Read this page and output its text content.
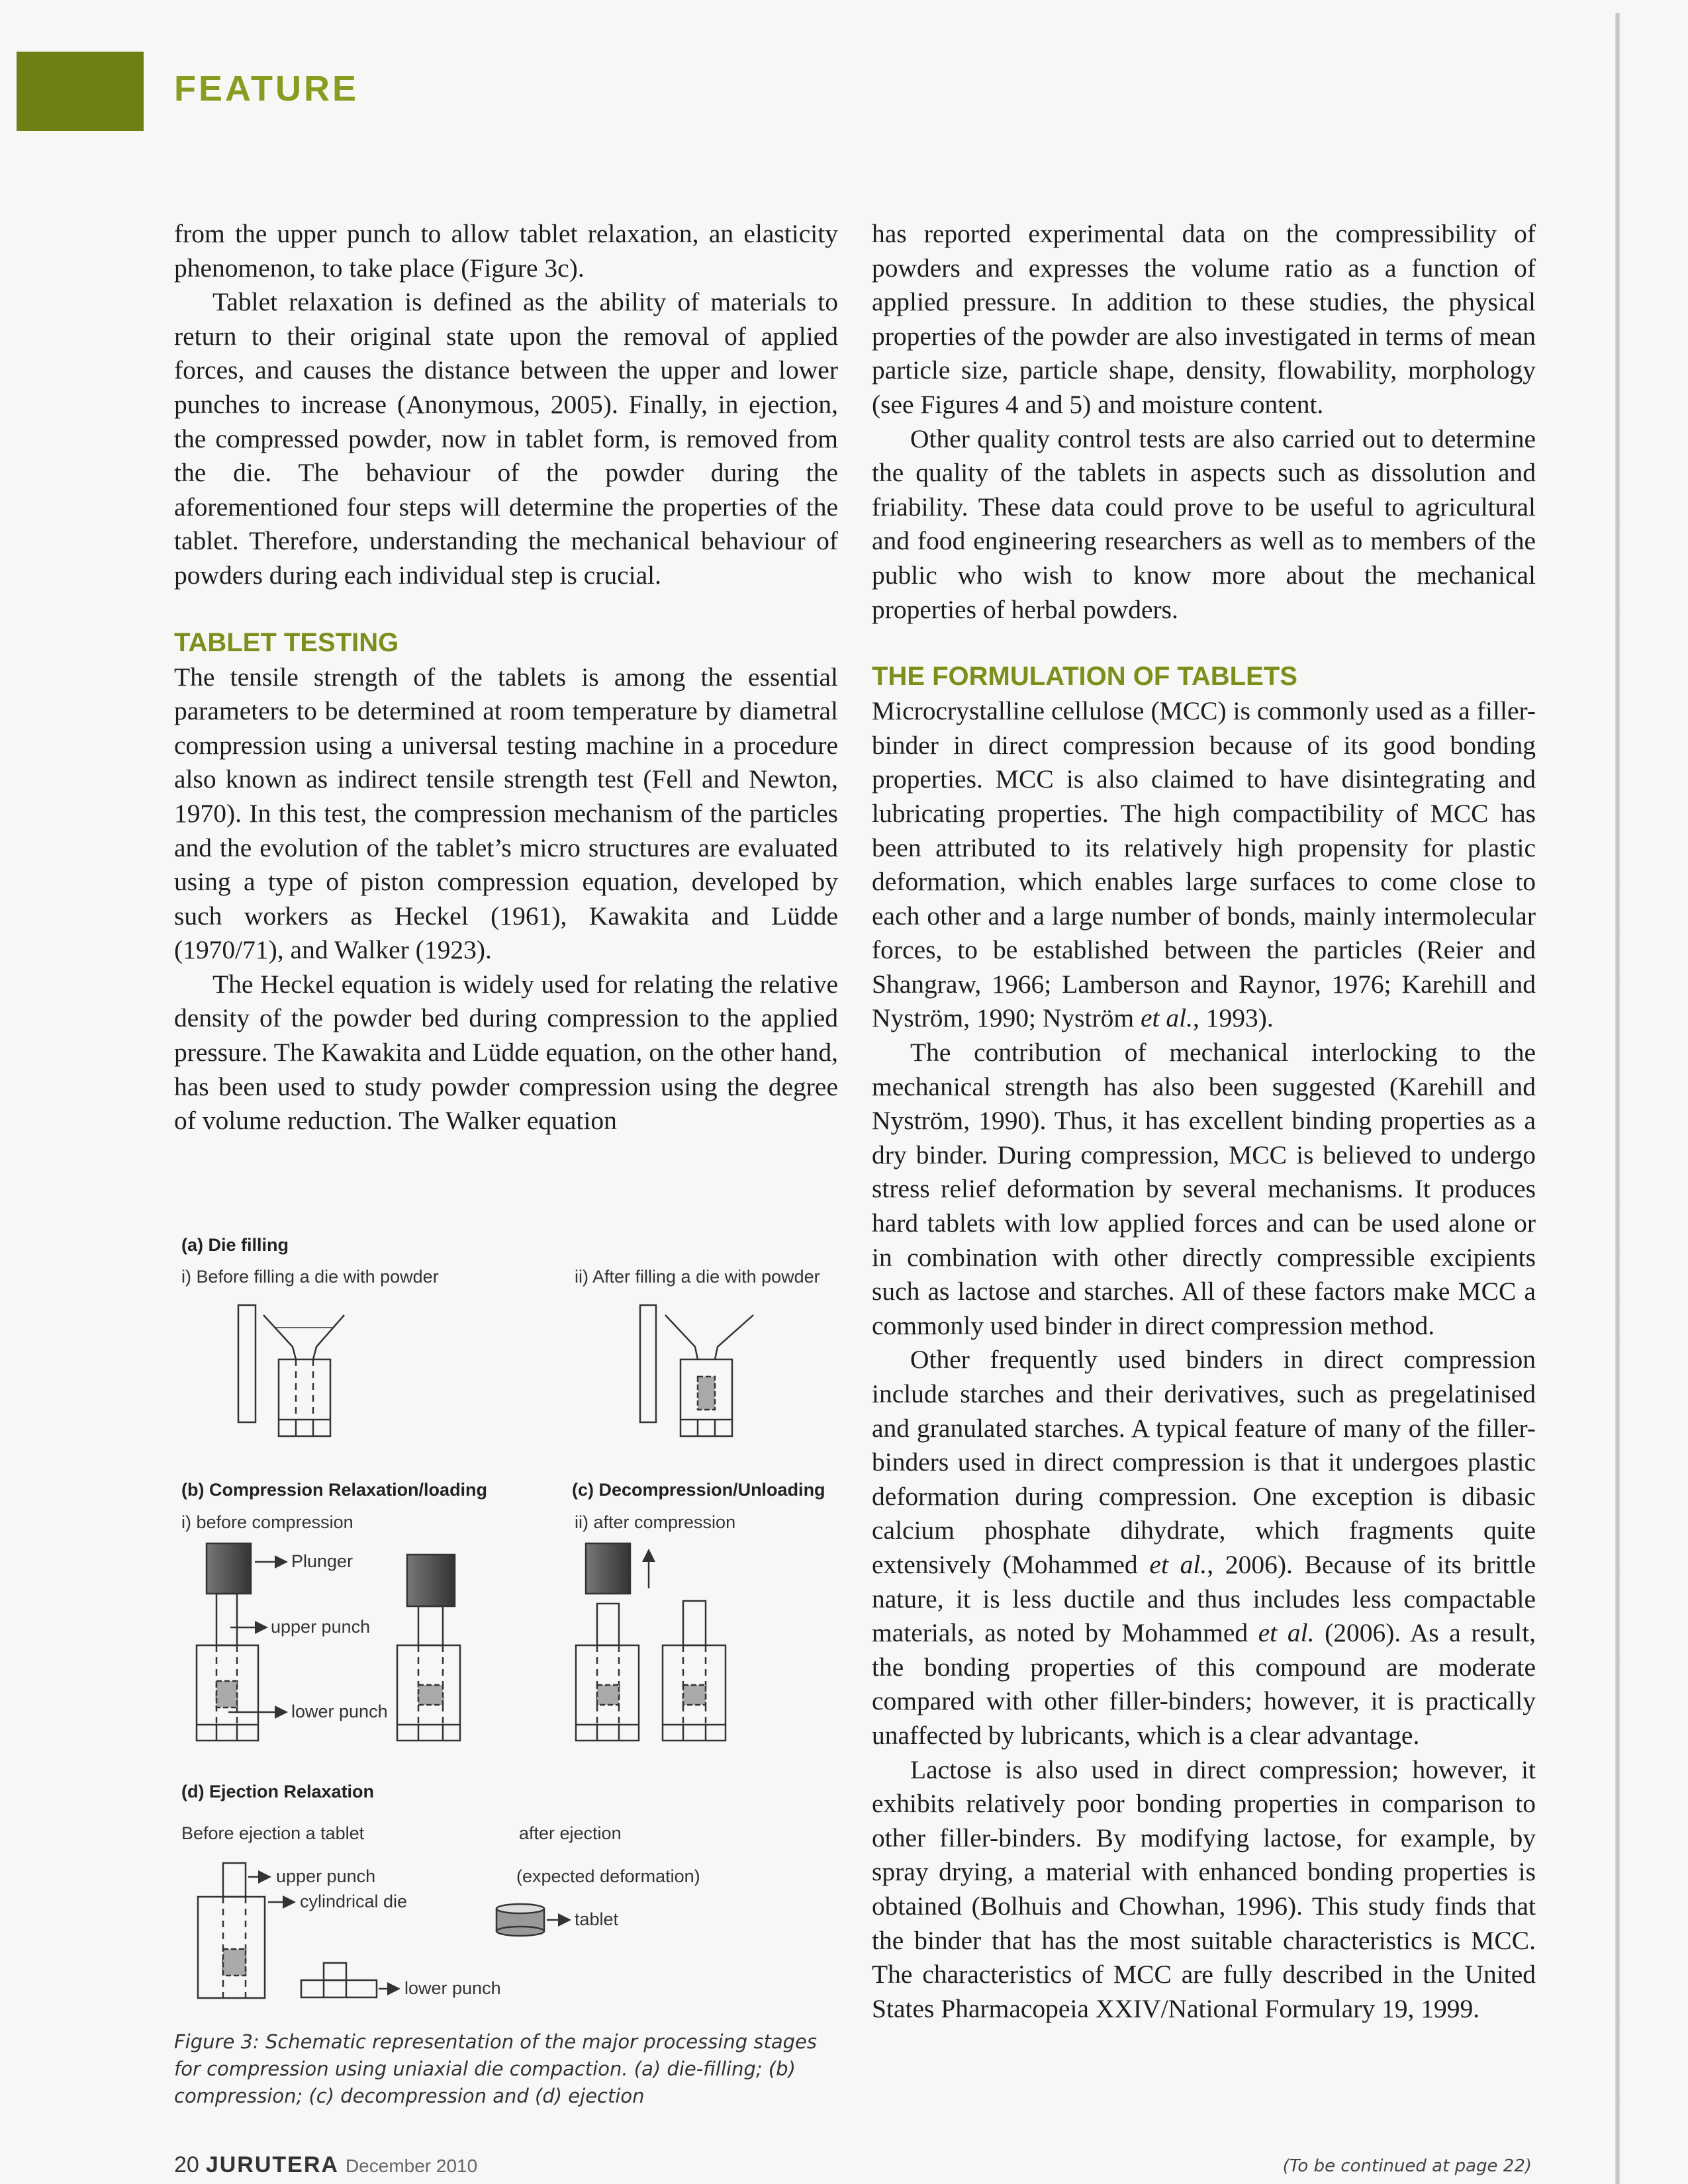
FEATURE

from the upper punch to allow tablet relaxation, an elasticity phenomenon, to take place (Figure 3c).

Tablet relaxation is defined as the ability of materials to return to their original state upon the removal of applied forces, and causes the distance between the upper and lower punches to increase (Anonymous, 2005). Finally, in ejection, the compressed powder, now in tablet form, is removed from the die. The behaviour of the powder during the aforementioned four steps will determine the properties of the tablet. Therefore, understanding the mechanical behaviour of powders during each individual step is crucial.

TABLET TESTING

The tensile strength of the tablets is among the essential parameters to be determined at room temperature by diametral compression using a universal testing machine in a procedure also known as indirect tensile strength test (Fell and Newton, 1970). In this test, the compression mechanism of the particles and the evolution of the tablet’s micro structures are evaluated using a type of piston compression equation, developed by such workers as Heckel (1961), Kawakita and Lüdde (1970/71), and Walker (1923).

The Heckel equation is widely used for relating the relative density of the powder bed during compression to the applied pressure. The Kawakita and Lüdde equation, on the other hand, has been used to study powder compression using the degree of volume reduction. The Walker equation

has reported experimental data on the compressibility of powders and expresses the volume ratio as a function of applied pressure. In addition to these studies, the physical properties of the powder are also investigated in terms of mean particle size, particle shape, density, flowability, morphology (see Figures 4 and 5) and moisture content.

Other quality control tests are also carried out to determine the quality of the tablets in aspects such as dissolution and friability. These data could prove to be useful to agricultural and food engineering researchers as well as to members of the public who wish to know more about the mechanical properties of herbal powders.

THE FORMULATION OF TABLETS

Microcrystalline cellulose (MCC) is commonly used as a filler-binder in direct compression because of its good bonding properties. MCC is also claimed to have disintegrating and lubricating properties. The high compactibility of MCC has been attributed to its relatively high propensity for plastic deformation, which enables large surfaces to come close to each other and a large number of bonds, mainly intermolecular forces, to be established between the particles (Reier and Shangraw, 1966; Lamberson and Raynor, 1976; Karehill and Nyström, 1990; Nyström et al., 1993).

The contribution of mechanical interlocking to the mechanical strength has also been suggested (Karehill and Nyström, 1990). Thus, it has excellent binding properties as a dry binder. During compression, MCC is believed to undergo stress relief deformation by several mechanisms. It produces hard tablets with low applied forces and can be used alone or in combination with other directly compressible excipients such as lactose and starches. All of these factors make MCC a commonly used binder in direct compression method.

Other frequently used binders in direct compression include starches and their derivatives, such as pregelatinised and granulated starches. A typical feature of many of the filler-binders used in direct compression is that it undergoes plastic deformation during compression. One exception is dibasic calcium phosphate dihydrate, which fragments quite extensively (Mohammed et al., 2006). Because of its brittle nature, it is less ductile and thus includes less compactable materials, as noted by Mohammed et al. (2006). As a result, the bonding properties of this compound are moderate compared with other filler-binders; however, it is practically unaffected by lubricants, which is a clear advantage.

Lactose is also used in direct compression; however, it exhibits relatively poor bonding properties in comparison to other filler-binders. By modifying lactose, for example, by spray drying, a material with enhanced bonding properties is obtained (Bolhuis and Chowhan, 1996). This study finds that the binder that has the most suitable characteristics is MCC. The characteristics of MCC are fully described in the United States Pharmacopeia XXIV/National Formulary 19, 1999.

(a) Die filling
i) Before filling a die with powder	ii) After filling a die with powder
(b) Compression Relaxation/loading
i) before compression
(c) Decompression/Unloading
ii) after compression
Plunger
upper punch
lower punch
(d) Ejection Relaxation
Before ejection a tablet	after ejection
upper punch
cylindrical die
(expected deformation)
tablet
lower punch
Figure 3: Schematic representation of the major processing stages for compression using uniaxial die compaction. (a) die-filling; (b) compression; (c) decompression and (d) ejection
20 JURUTERA December 2010	(To be continued at page 22)
